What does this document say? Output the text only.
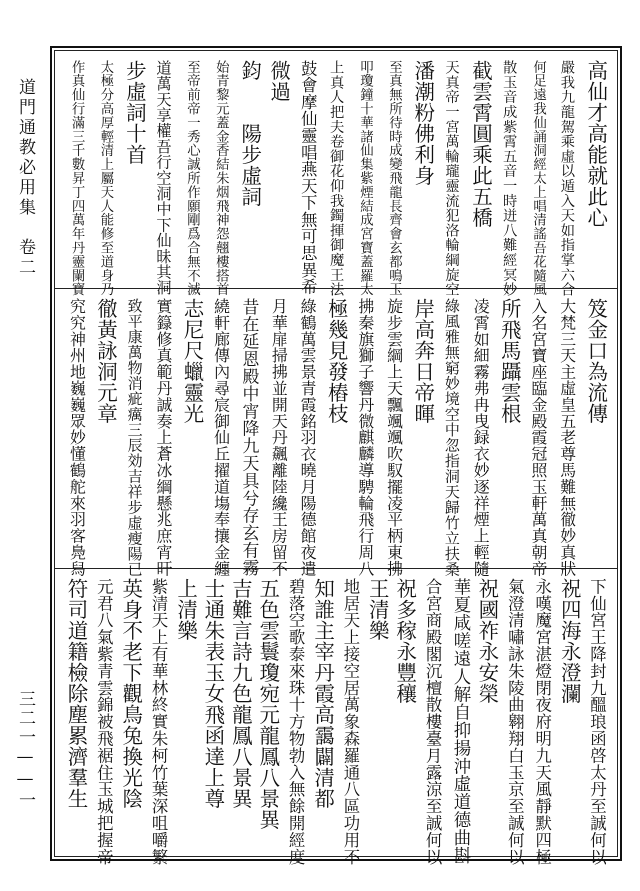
道門通教必用集　卷二
三二一——一
高仙才高能就此心
嚴我九龍駕乘虛以遁入天如指掌六合
何足遠我仙誦洞經太上唱清謠吾花隨風
散玉音成紫霄五音一時迸八難經冥妙
截雲霄圓乘此五橋
天真帝一宮萬輪瓏靈流犯洛輪綱旋空
潘潮粉佛利身
至真無所待時成變飛龍長齊會玄都鳴玉
叩瓊鐘十華諸仙集紫煙結成宮寶蓋羅太
上真人把夫卷御花仰我鐲揮御魔王法
鼓會摩仙靈唱燕天下無可思異希
微過
鈞　　陽步虛詞
始青黎元蓋金香結朱烟飛神怨翹樓搭首
至帝前帝一秀心誠所作願剛爲合無不滅
道萬天享權吾行空洞中下仙昧其洞
步虛詞十首
太極分高厚輕清上屬天人能修至道身乃
作真仙行滿三千數昇丁四萬年丹靈闌寶
笈金口為流傳
大梵三天主虛皇五老尊馬難無徹妙真狀
入名宮寶座臨金殿霞冠照玉軒萬真朝帝
所飛馬躡雲根
凌霄如細霧弗冉曳録衣妙逐祥煙上輕隨
綠風雅無窮妙境空中忽指洞天歸竹立扶桑
岸高奔日帝暉
旋步雲綱上天飄颯颯吹馭擺凌平柄東拂
拂秦旗獅子響丹微麒麟導騁輪飛行周八
極幾見發樁枝
綠鶴萬雲景青霞銘羽衣曉月陽德館夜遣
月華扉掃拂並開天丹飆離陸纔王房留不
昔在延恩殿中宵降九天具兮存玄有霧
繞軒廊傳內尋宸御仙丘擢道塲奉攘金纏
志尼尺蠟靈光
實籙修真範丹誠奏上蒼冰綱懸兆庶宵旰
致平康萬物消疵癘三辰効吉祥步虛瘦陽已
徹黃詠洞元章
究究神州地巍巍眾妙懂鶴舵來羽客鳧舄
下仙宮王降封九醞琅函啓太丹至誠何以
祝四海永澄瀾
永嘆魔宮湛燈閉夜府明九天風靜默四極
氣澄清嘯詠朱陵曲翱翔白玉京至誠何以
祝國祚永安榮
華夏咸嗟遠人解自抑揚沖虛道德曲斟
合宮商殿閣沉檀散樓臺月露涼至誠何以
祝多稼永豐穰
王清樂
地居天上接空居萬象森羅通八區功用不
知誰主宰丹霞高靄闢清都
碧落空歌泰來珠十方物勃入無餘開經度
五色雲鬟瓊宛元龍鳳八景異
吉難言詩九色龍鳳八景異
士通朱表玉女飛函達上尊
上清樂
紫清天上有華林終實朱柯竹葉深咀嚼繁
英身不老下觀鳥兔換光陰
元君八氣紫青雲錦被飛裾住玉城把握帝
符司道籍檢除塵累濟羣生
